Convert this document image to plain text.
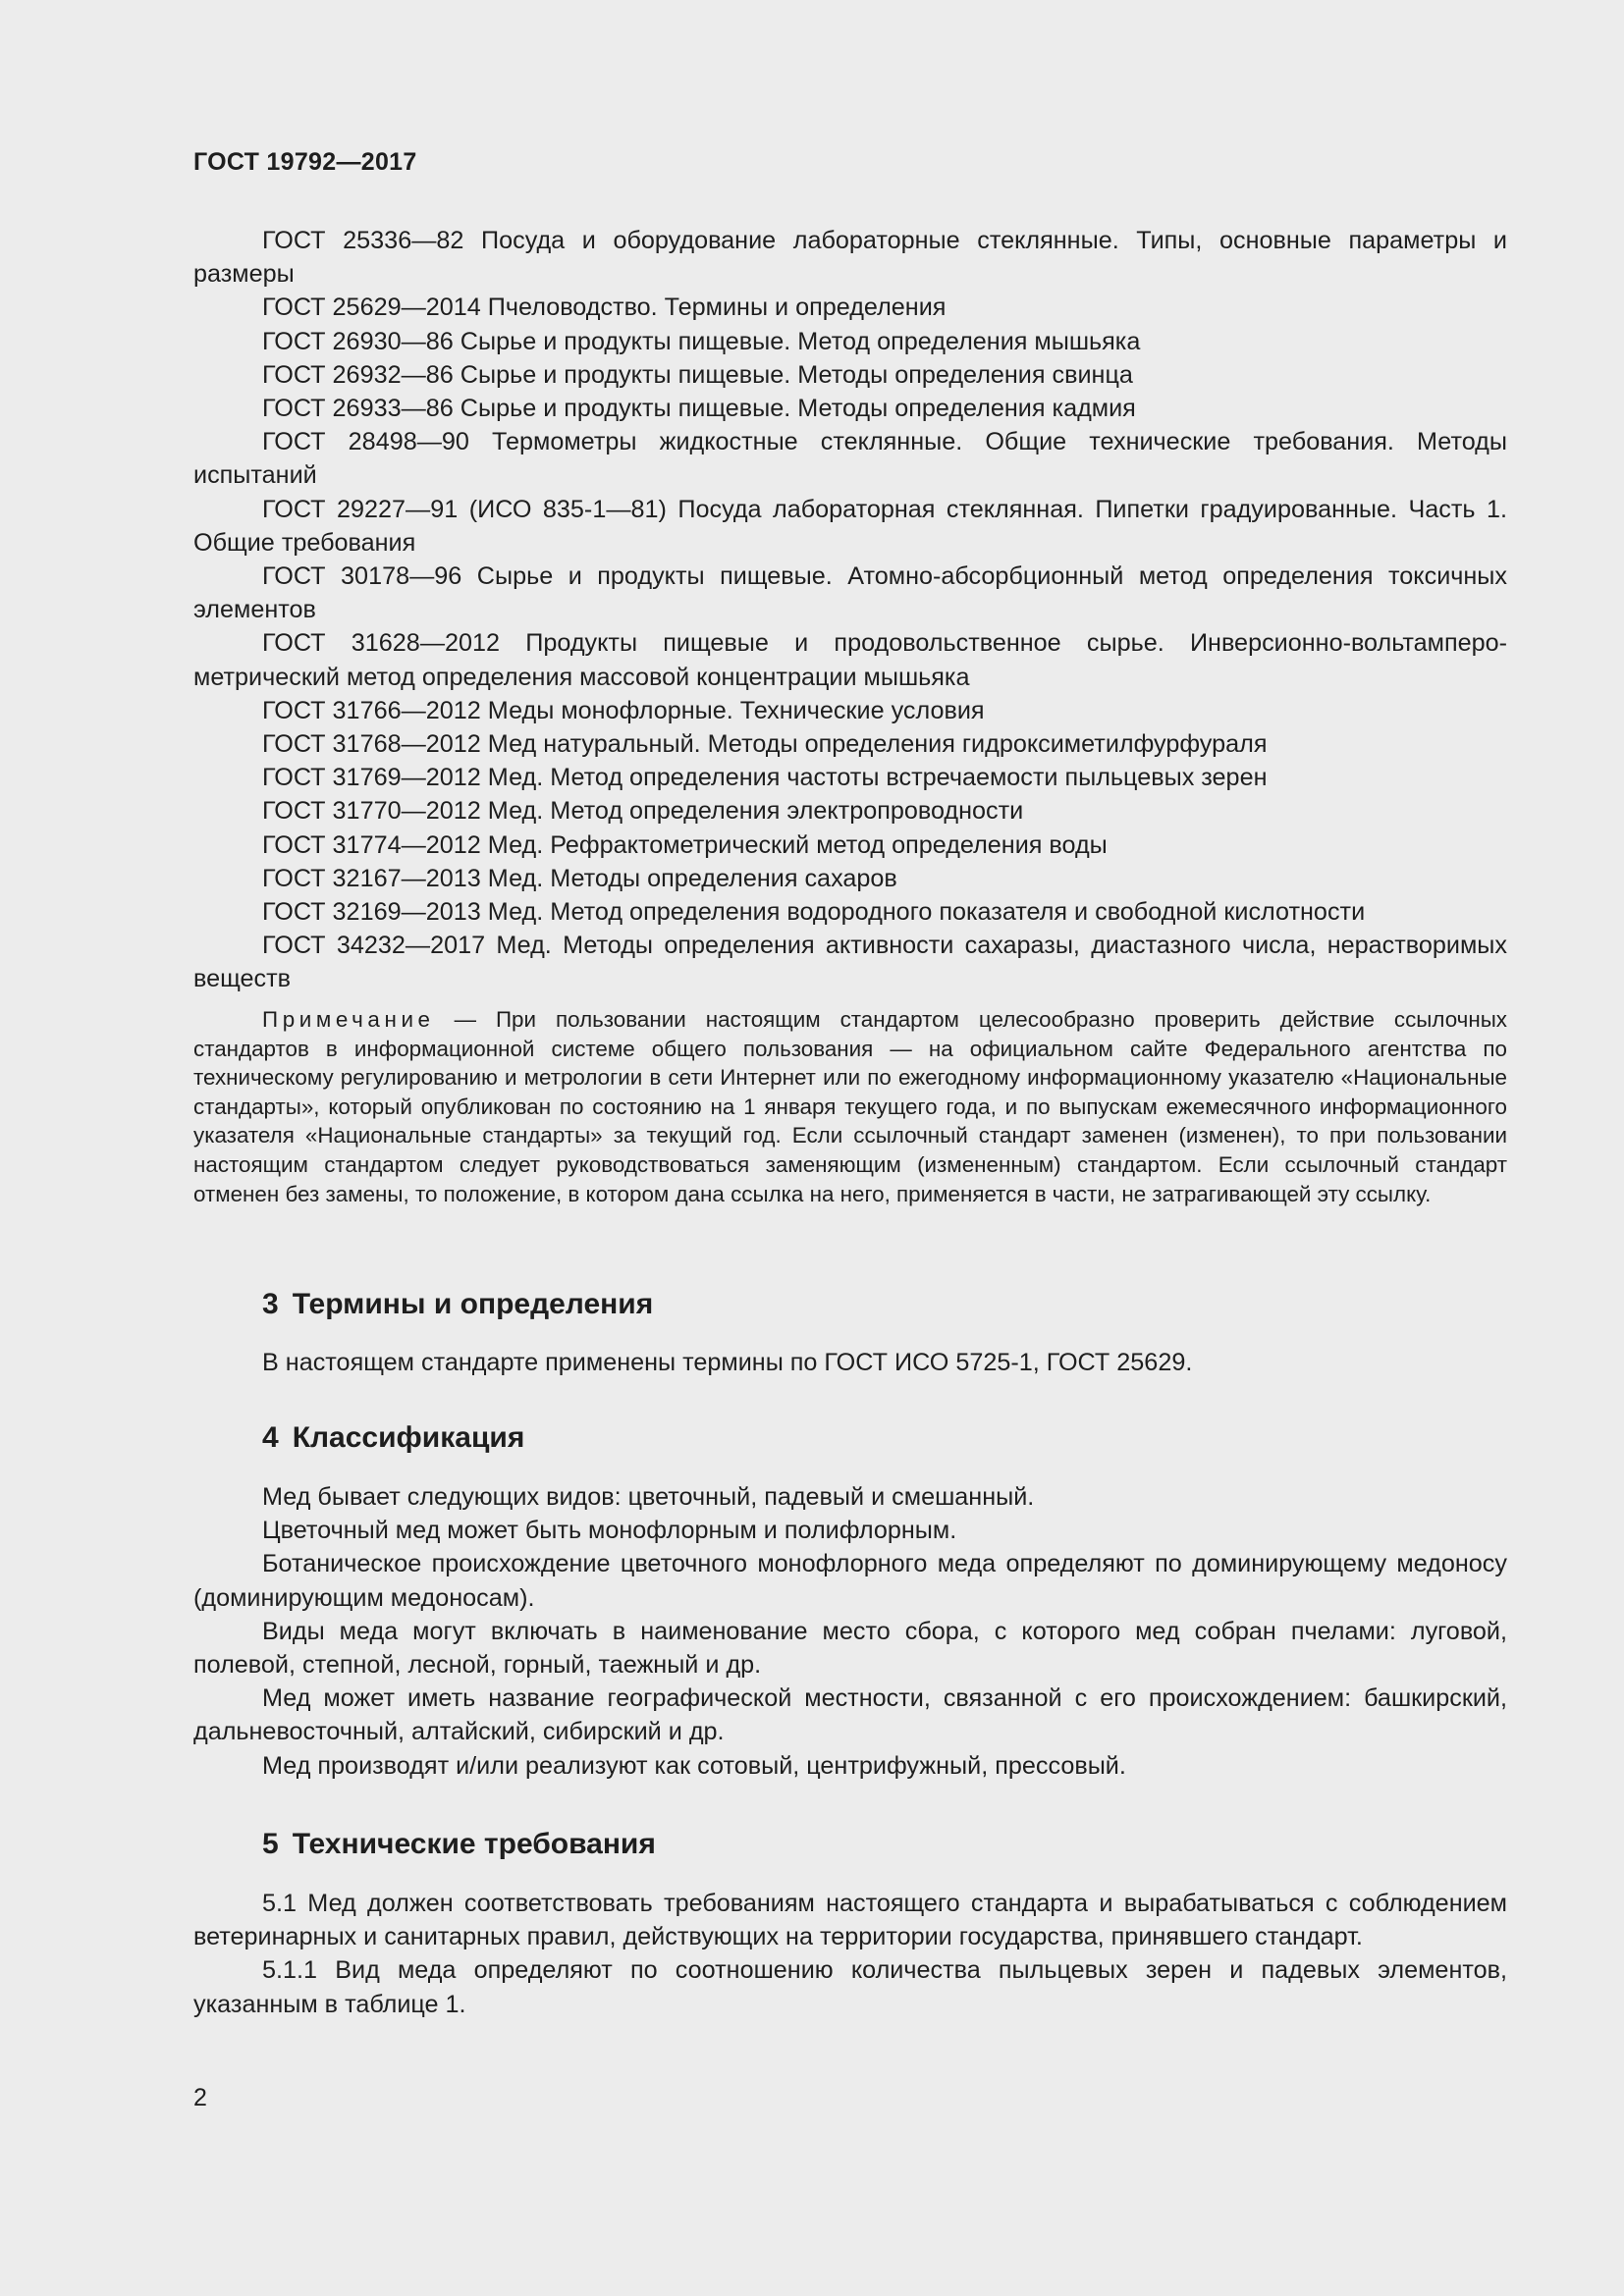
ГОСТ 19792—2017

ГОСТ 25336—82 Посуда и оборудование лабораторные стеклянные. Типы, основные параметры и размеры

ГОСТ 25629—2014 Пчеловодство. Термины и определения

ГОСТ 26930—86 Сырье и продукты пищевые. Метод определения мышьяка

ГОСТ 26932—86 Сырье и продукты пищевые. Методы определения свинца

ГОСТ 26933—86 Сырье и продукты пищевые. Методы определения кадмия

ГОСТ 28498—90 Термометры жидкостные стеклянные. Общие технические требования. Методы испытаний

ГОСТ 29227—91 (ИСО 835-1—81) Посуда лабораторная стеклянная. Пипетки градуированные. Часть 1. Общие требования

ГОСТ 30178—96 Сырье и продукты пищевые. Атомно-абсорбционный метод определения токсичных элементов

ГОСТ 31628—2012 Продукты пищевые и продовольственное сырье. Инверсионно-вольтампеpoметрический метод определения массовой концентрации мышьяка

ГОСТ 31766—2012 Меды монофлорные. Технические условия

ГОСТ 31768—2012 Мед натуральный. Методы определения гидроксиметилфурфураля

ГОСТ 31769—2012 Мед. Метод определения частоты встречаемости пыльцевых зерен

ГОСТ 31770—2012 Мед. Метод определения электропроводности

ГОСТ 31774—2012 Мед. Рефрактометрический метод определения воды

ГОСТ 32167—2013 Мед. Методы определения сахаров

ГОСТ 32169—2013 Мед. Метод определения водородного показателя и свободной кислотности

ГОСТ 34232—2017 Мед. Методы определения активности сахаразы, диастазного числа, нерастворимых веществ

Примечание — При пользовании настоящим стандартом целесообразно проверить действие ссылочных стандартов в информационной системе общего пользования — на официальном сайте Федерального агентства по техническому регулированию и метрологии в сети Интернет или по ежегодному информационному указателю «Национальные стандарты», который опубликован по состоянию на 1 января текущего года, и по выпускам ежемесячного информационного указателя «Национальные стандарты» за текущий год. Если ссылочный стандарт заменен (изменен), то при пользовании настоящим стандартом следует руководствоваться заменяющим (измененным) стандартом. Если ссылочный стандарт отменен без замены, то положение, в котором дана ссылка на него, применяется в части, не затрагивающей эту ссылку.

3 Термины и определения

В настоящем стандарте применены термины по ГОСТ ИСО 5725-1, ГОСТ 25629.

4 Классификация

Мед бывает следующих видов: цветочный, падевый и смешанный.

Цветочный мед может быть монофлорным и полифлорным.

Ботаническое происхождение цветочного монофлорного меда определяют по доминирующему медоносу (доминирующим медоносам).

Виды меда могут включать в наименование место сбора, с которого мед собран пчелами: луговой, полевой, степной, лесной, горный, таежный и др.

Мед может иметь название географической местности, связанной с его происхождением: башкирский, дальневосточный, алтайский, сибирский и др.

Мед производят и/или реализуют как сотовый, центрифужный, прессовый.

5 Технические требования

5.1 Мед должен соответствовать требованиям настоящего стандарта и вырабатываться с соблюдением ветеринарных и санитарных правил, действующих на территории государства, принявшего стандарт.

5.1.1 Вид меда определяют по соотношению количества пыльцевых зерен и падевых элементов, указанным в таблице 1.

2
